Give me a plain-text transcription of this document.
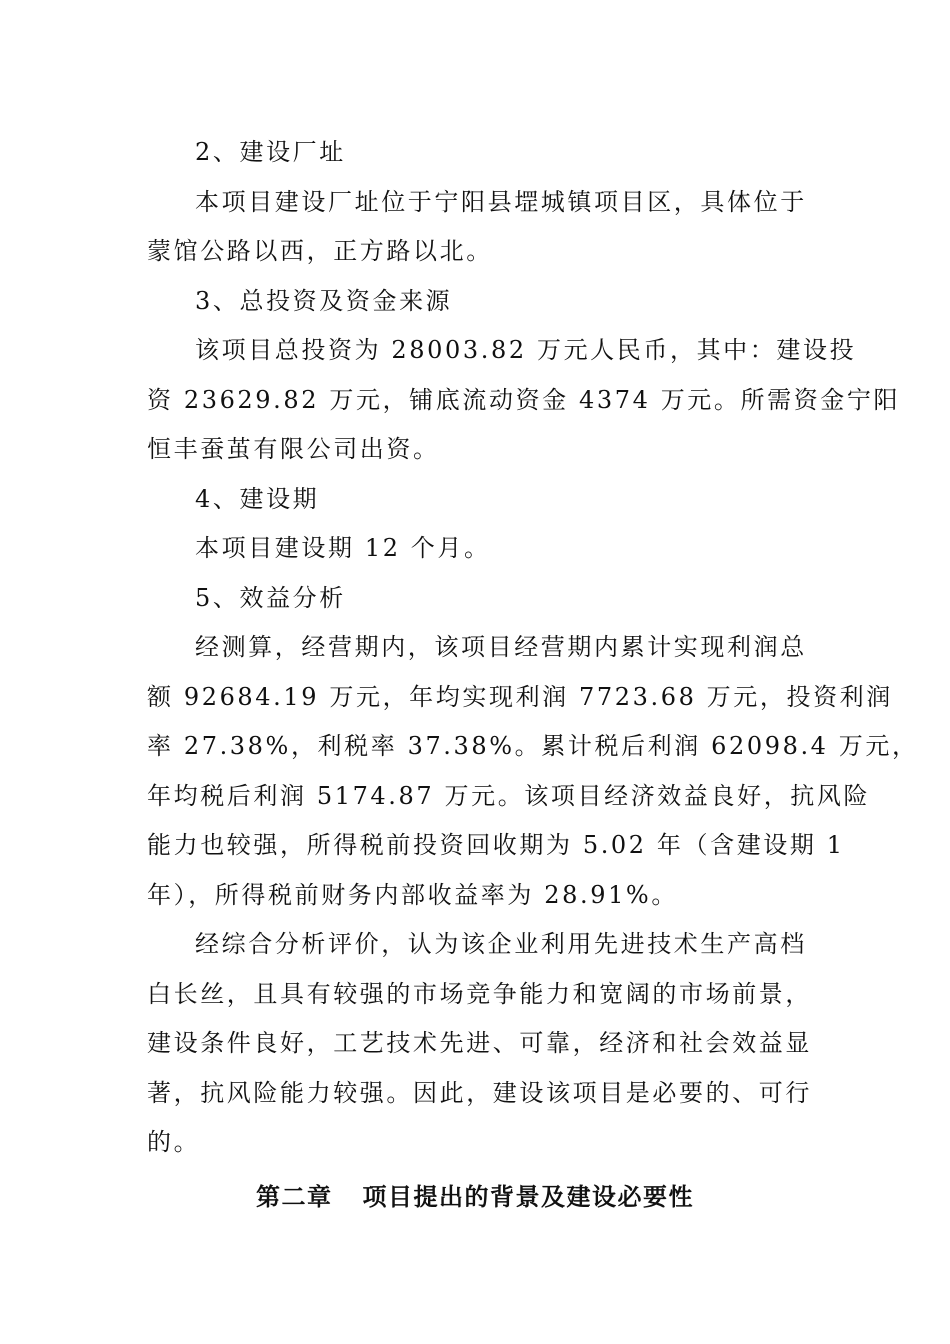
2、建设厂址
本项目建设厂址位于宁阳县堽城镇项目区，具体位于
蒙馆公路以西，正方路以北。
3、总投资及资金来源
该项目总投资为 28003.82 万元人民币，其中：建设投
资 23629.82 万元，铺底流动资金 4374 万元。所需资金宁阳
恒丰蚕茧有限公司出资。
4、建设期
本项目建设期 12 个月。
5、效益分析
经测算，经营期内，该项目经营期内累计实现利润总
额 92684.19 万元，年均实现利润 7723.68 万元，投资利润
率 27.38%，利税率 37.38%。累计税后利润 62098.4 万元，
年均税后利润 5174.87 万元。该项目经济效益良好，抗风险
能力也较强，所得税前投资回收期为 5.02 年（含建设期 1
年），所得税前财务内部收益率为 28.91%。
经综合分析评价，认为该企业利用先进技术生产高档
白长丝，且具有较强的市场竞争能力和宽阔的市场前景，
建设条件良好，工艺技术先进、可靠，经济和社会效益显
著，抗风险能力较强。因此，建设该项目是必要的、可行
的。
第二章 项目提出的背景及建设必要性
